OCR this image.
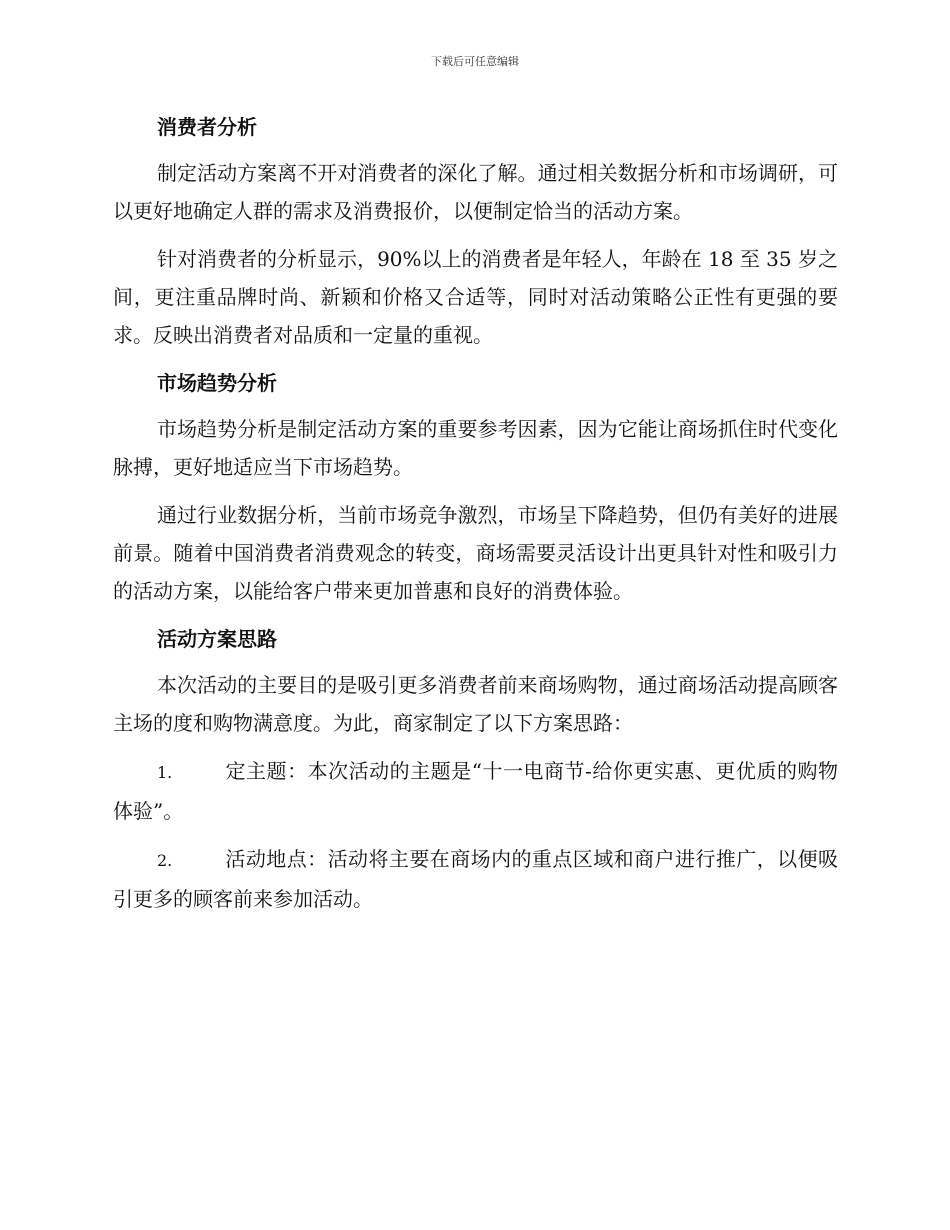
下载后可任意编辑
消费者分析

制定活动方案离不开对消费者的深化了解。通过相关数据分析和市场调研，可以更好地确定人群的需求及消费报价，以便制定恰当的活动方案。

针对消费者的分析显示，90%以上的消费者是年轻人，年龄在 18 至 35 岁之间，更注重品牌时尚、新颖和价格又合适等，同时对活动策略公正性有更强的要求。反映出消费者对品质和一定量的重视。

市场趋势分析

市场趋势分析是制定活动方案的重要参考因素，因为它能让商场抓住时代变化脉搏，更好地适应当下市场趋势。

通过行业数据分析，当前市场竞争激烈，市场呈下降趋势，但仍有美好的进展前景。随着中国消费者消费观念的转变，商场需要灵活设计出更具针对性和吸引力的活动方案，以能给客户带来更加普惠和良好的消费体验。

活动方案思路

本次活动的主要目的是吸引更多消费者前来商场购物，通过商场活动提高顾客主场的度和购物满意度。为此，商家制定了以下方案思路：

1.	定主题：本次活动的主题是“十一电商节-给你更实惠、更优质的购物体验”。

2.	活动地点：活动将主要在商场内的重点区域和商户进行推广，以便吸引更多的顾客前来参加活动。
